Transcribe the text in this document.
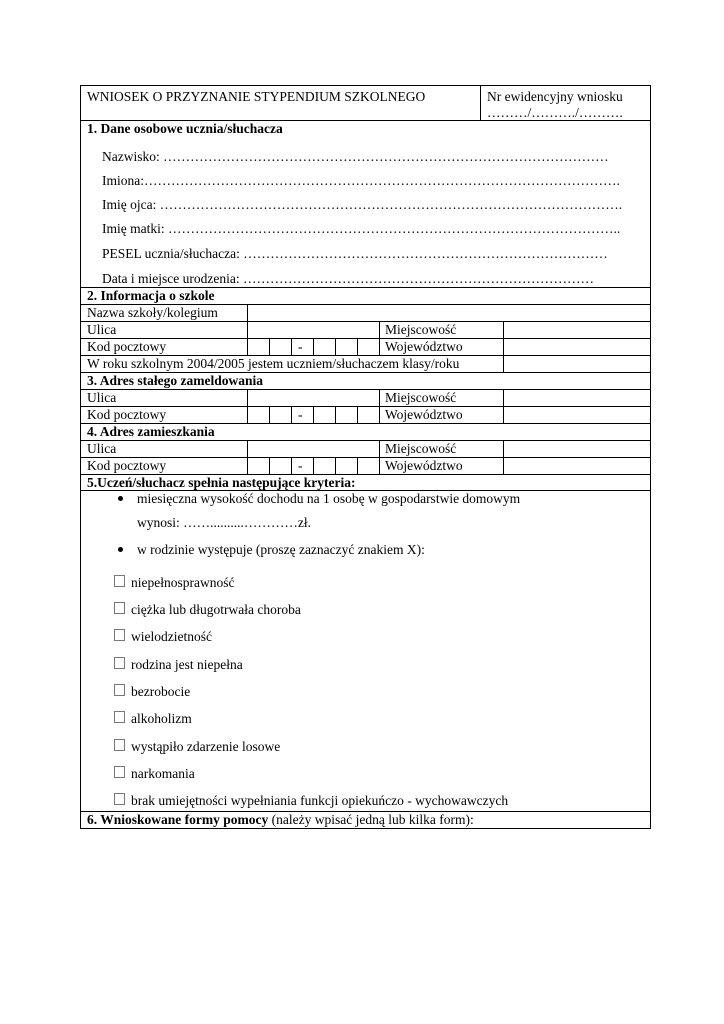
WNIOSEK O PRZYZNANIE STYPENDIUM SZKOLNEGO	Nr ewidencyjny wniosku
………/………./……….
1. Dane osobowe ucznia/słuchacza
Nazwisko: ………………………………………………………………………………………
Imiona:…………………………………………………………………………………………….
Imię ojca: ………………………………………………………………………………………….
Imię matki: ………………………………………………………………………………………..
PESEL ucznia/słuchacza: ………………………………………………………………………
Data i miejsce urodzenia: ……………………………………………………………………
2. Informacja o szkole
Nazwa szkoły/kolegium
Ulica	Miejscowość
Kod pocztowy	-	Województwo
W roku szkolnym 2004/2005 jestem uczniem/słuchaczem klasy/roku
3. Adres stałego zameldowania
Ulica	Miejscowość
Kod pocztowy	-	Województwo
4. Adres zamieszkania
Ulica	Miejscowość
Kod pocztowy	-	Województwo
5.Uczeń/słuchacz spełnia następujące kryteria:
miesięczna wysokość dochodu na 1 osobę w gospodarstwie domowym
wynosi: ……..........…………zł.
w rodzinie występuje (proszę zaznaczyć znakiem X):
niepełnosprawność
ciężka lub długotrwała choroba
wielodzietność
rodzina jest niepełna
bezrobocie
alkoholizm
wystąpiło zdarzenie losowe
narkomania
brak umiejętności wypełniania funkcji opiekuńczo - wychowawczych
6. Wnioskowane formy pomocy (należy wpisać jedną lub kilka form):
